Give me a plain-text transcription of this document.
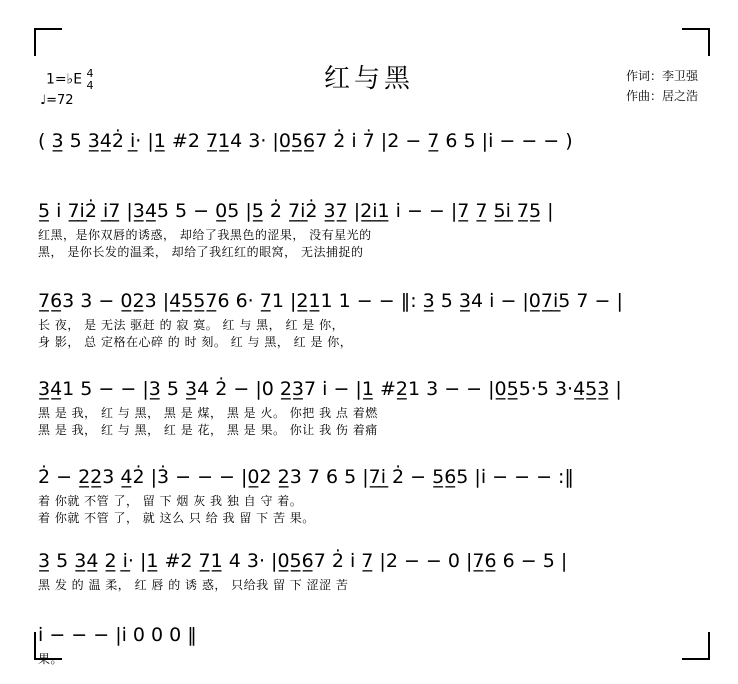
红与黑
1=♭E 4
4
♩=72
作词：李卫强
作曲：居之浩
( 3̲ 5 3̲4̲2̇ i̲· |1̲ #2 7̲1̲4 3· |0̲5̲6̲7 2̇ i̇ 7̇ |2 − 7̲ 6 5 |i̇ − − − )
5̲ i̇ 7̲i̲2̇ i̲7̲ |3̲4̲5 5 − 0̲5 |5̲ 2̇ 7̲i̲2̇ 3̲7̲ |2̲i̲1̲ i̇ − − |7̲ 7̲ 5̲i̲ 7̲5̲ |
红黑，是你双唇的诱惑， 却给了我黑色的涩果， 没有星光的
黑， 是你长发的温柔， 却给了我红红的眼窝， 无法捕捉的
7̲6̲3 3 − 0̲2̲3 |4̲5̲5̲7̲6 6· 7̲1 |2̲1̲1 1 − − ‖: 3̲ 5 3̲4 i̇ − |0̲7̲i̲5 7 − |
长 夜， 是 无法 驱赶 的 寂 寞。 红 与 黑， 红 是 你，
身 影， 总 定格在心碎 的 时 刻。 红 与 黑， 红 是 你，
3̲4̲1 5 − − |3̲ 5 3̲4 2̇ − |0 2̲3̲7 i̇ − |1̲ #2̲1 3 − − |0̲5̲5·5 3·4̲5̲3̲ |
黑 是 我， 红 与 黑， 黑 是 煤， 黑 是 火。 你把 我 点 着燃
黑 是 我， 红 与 黑， 红 是 花， 黑 是 果。 你让 我 伤 着痛
2̇ − 2̲2̲3 4̲2̇ |3̇ − − − |0̲2 2̲3 7 6 5 |7̲i̲ 2̇ − 5̲6̲5 |i̇ − − − :‖
着 你就 不管 了， 留 下 烟 灰 我 独 自 守 着。
着 你就 不管 了， 就 这么 只 给 我 留 下 苦 果。
3̲ 5 3̲4̲ 2̲ i̲· |1̲ #2 7̲1̲ 4 3· |0̲5̲6̲7 2̇ i̇ 7̲ |2 − − 0 |7̲6̲ 6 − 5 |
黑 发 的 温 柔， 红 唇 的 诱 惑， 只给我 留 下 涩涩 苦
i̇ − − − |i̇ 0 0 0 ‖
果。
